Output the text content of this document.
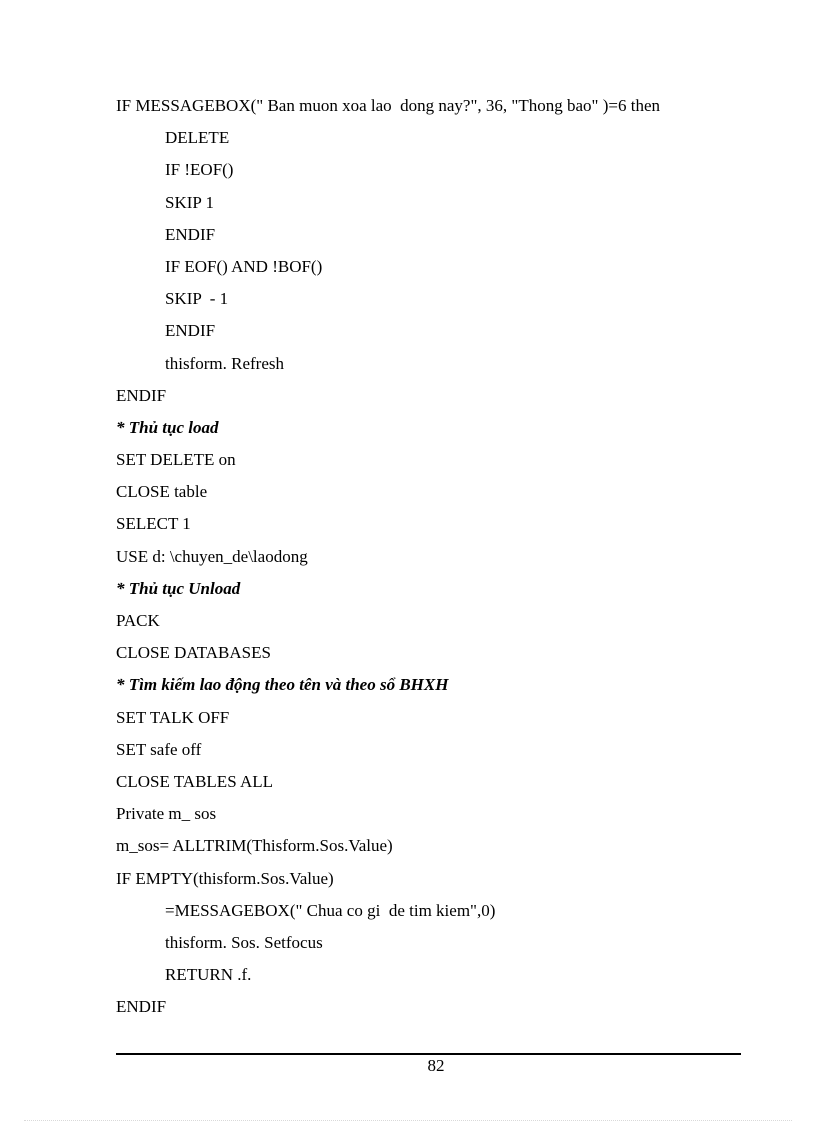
IF MESSAGEBOX(" Ban muon xoa lao  dong nay?", 36, "Thong bao" )=6 then
DELETE
IF !EOF()
SKIP 1
ENDIF
IF EOF() AND !BOF()
SKIP  - 1
ENDIF
thisform. Refresh
ENDIF
* Thủ tục load
SET DELETE on
CLOSE table
SELECT 1
USE d: \chuyen_de\laodong
* Thủ tục Unload
PACK
CLOSE DATABASES
* Tìm kiếm lao động theo tên và theo sổ BHXH
SET TALK OFF
SET safe off
CLOSE TABLES ALL
Private m_ sos
m_sos= ALLTRIM(Thisform.Sos.Value)
IF EMPTY(thisform.Sos.Value)
=MESSAGEBOX(" Chua co gi  de tim kiem",0)
thisform. Sos. Setfocus
RETURN .f.
ENDIF
82
